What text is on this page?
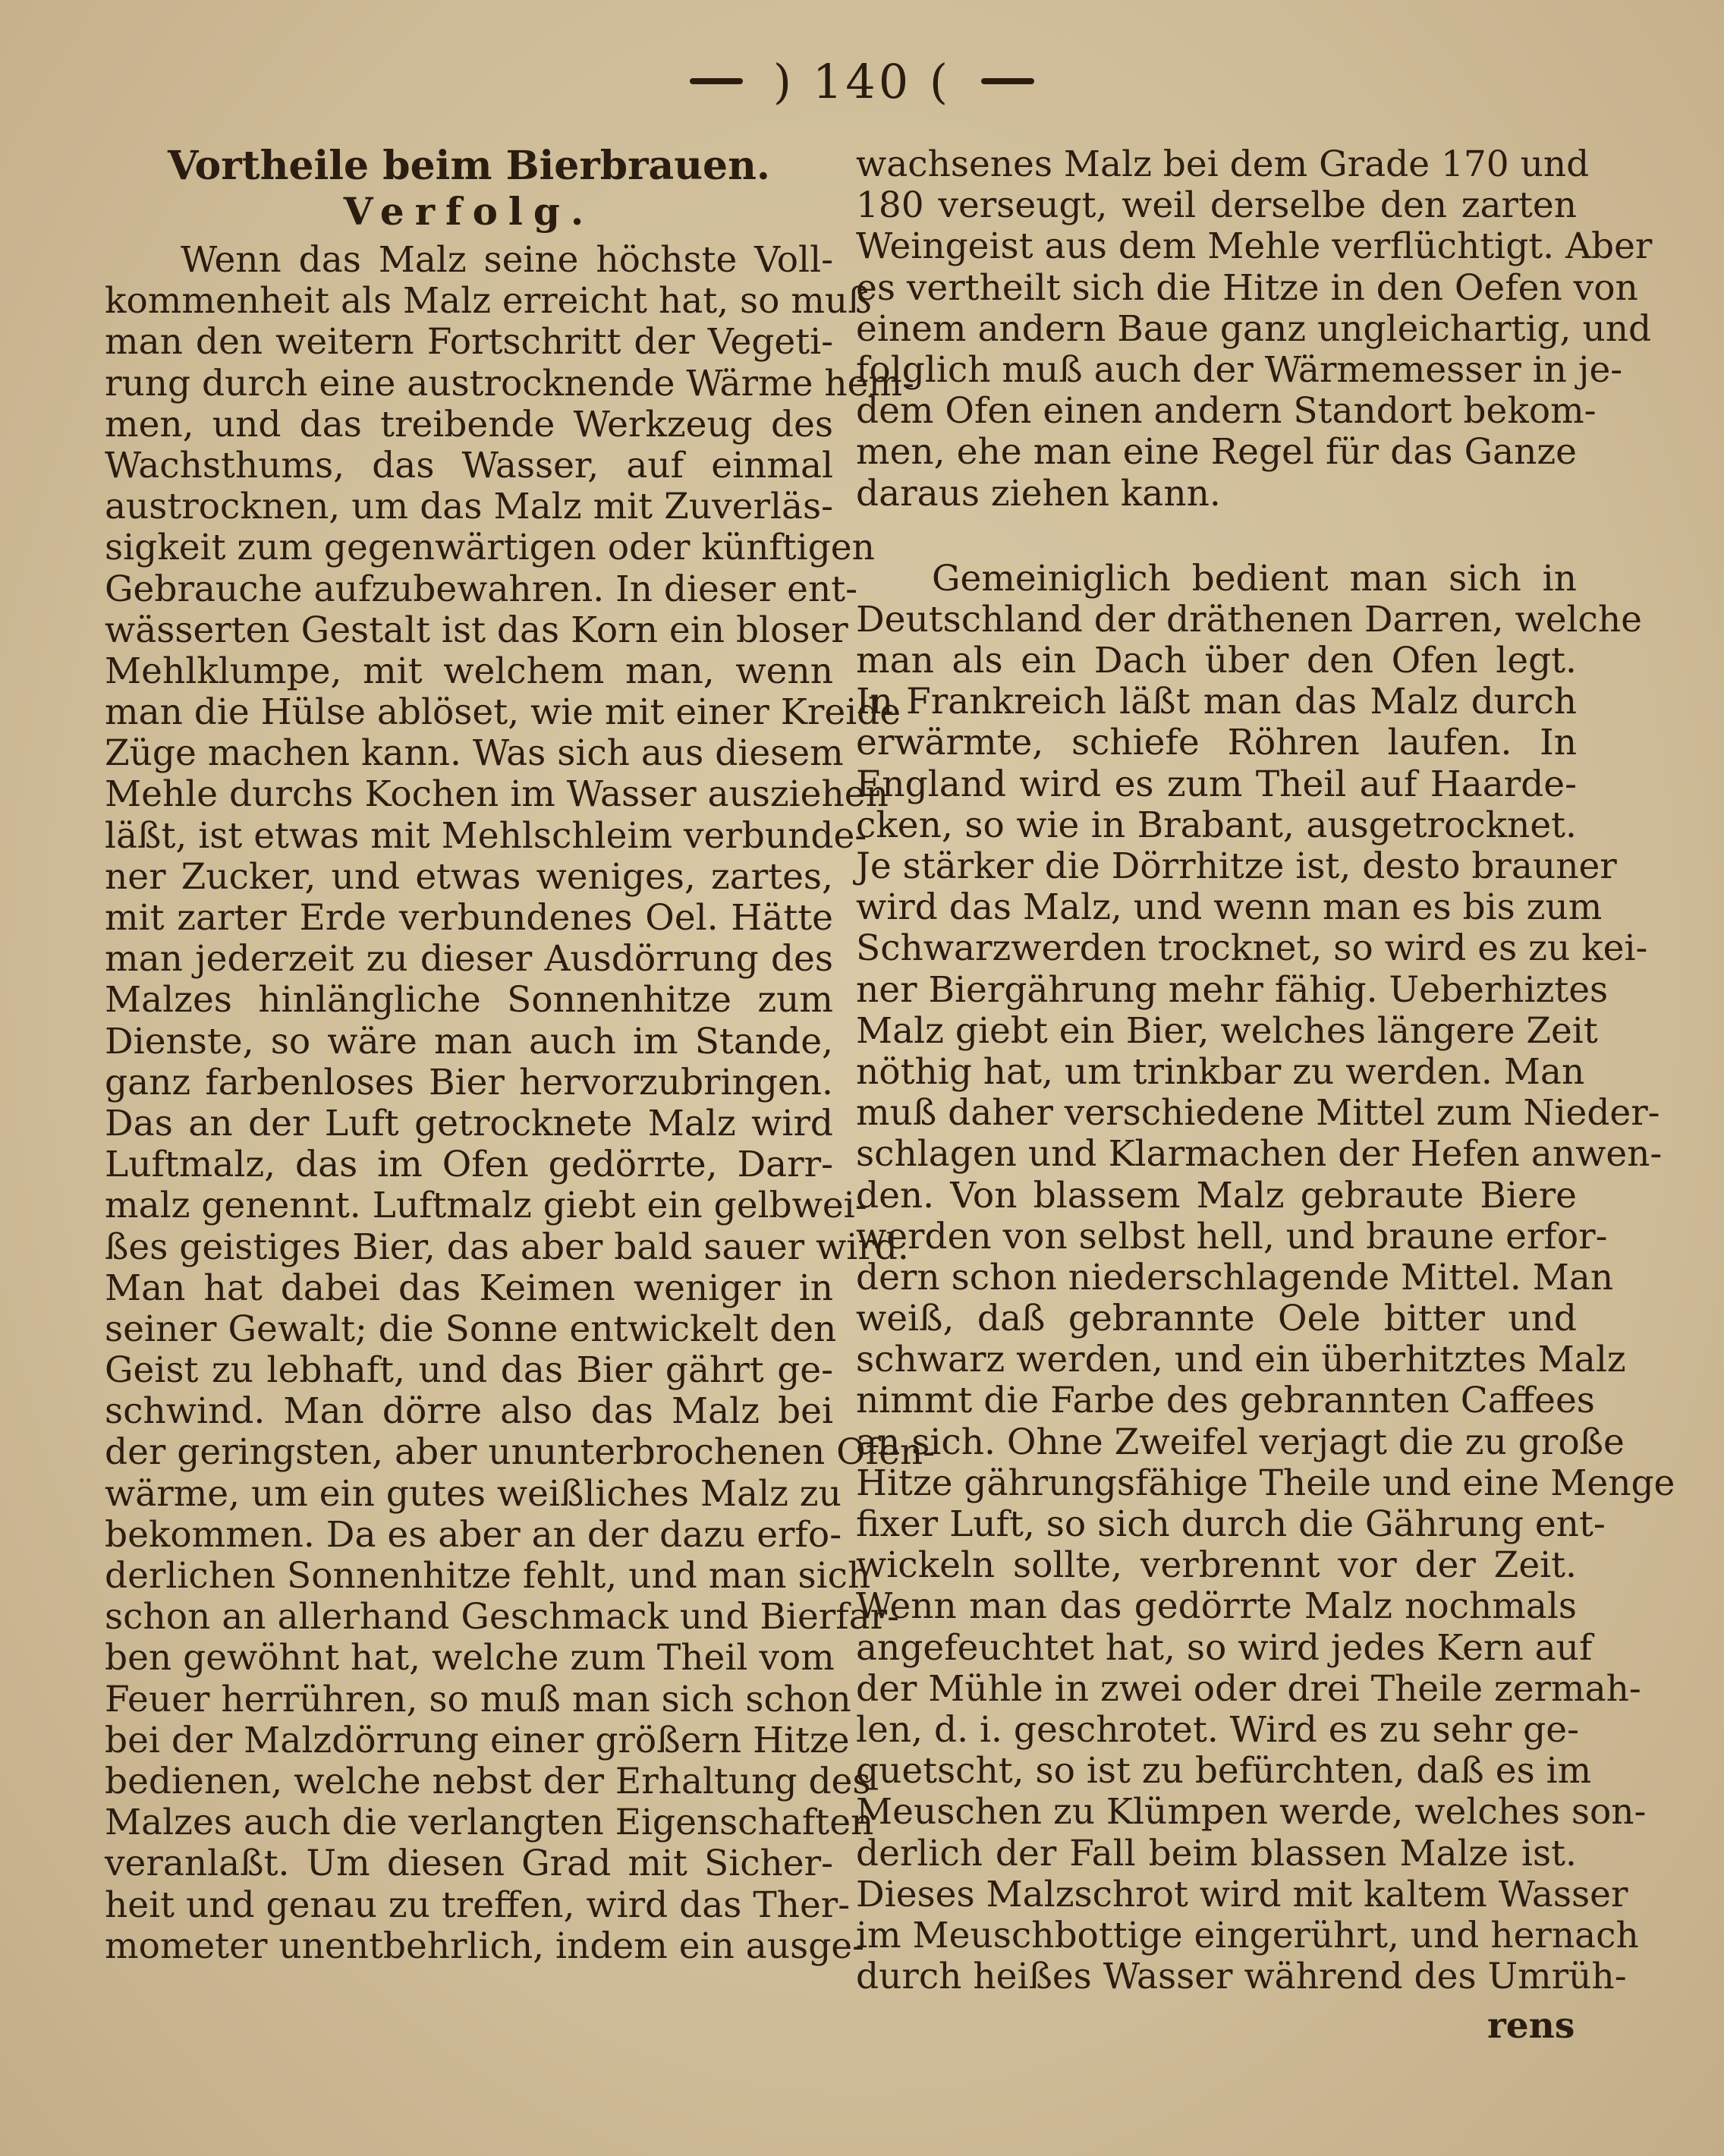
) 140 (
Vortheile beim Bierbrauen.
Verfolg.
Wenn das Malz seine höchste Voll-
kommenheit als Malz erreicht hat, so muß
man den weitern Fortschritt der Vegeti-
rung durch eine austrocknende Wärme hem-
men, und das treibende Werkzeug des
Wachsthums, das Wasser, auf einmal
austrocknen, um das Malz mit Zuverläs-
sigkeit zum gegenwärtigen oder künftigen
Gebrauche aufzubewahren. In dieser ent-
wässerten Gestalt ist das Korn ein bloser
Mehlklumpe, mit welchem man, wenn
man die Hülse ablöset, wie mit einer Kreide
Züge machen kann. Was sich aus diesem
Mehle durchs Kochen im Wasser ausziehen
läßt, ist etwas mit Mehlschleim verbunde-
ner Zucker, und etwas weniges, zartes,
mit zarter Erde verbundenes Oel. Hätte
man jederzeit zu dieser Ausdörrung des
Malzes hinlängliche Sonnenhitze zum
Dienste, so wäre man auch im Stande,
ganz farbenloses Bier hervorzubringen.
Das an der Luft getrocknete Malz wird
Luftmalz, das im Ofen gedörrte, Darr-
malz genennt. Luftmalz giebt ein gelbwei-
ßes geistiges Bier, das aber bald sauer wird.
Man hat dabei das Keimen weniger in
seiner Gewalt; die Sonne entwickelt den
Geist zu lebhaft, und das Bier gährt ge-
schwind. Man dörre also das Malz bei
der geringsten, aber ununterbrochenen Ofen-
wärme, um ein gutes weißliches Malz zu
bekommen. Da es aber an der dazu erfo-
derlichen Sonnenhitze fehlt, und man sich
schon an allerhand Geschmack und Bierfar-
ben gewöhnt hat, welche zum Theil vom
Feuer herrühren, so muß man sich schon
bei der Malzdörrung einer größern Hitze
bedienen, welche nebst der Erhaltung des
Malzes auch die verlangten Eigenschaften
veranlaßt. Um diesen Grad mit Sicher-
heit und genau zu treffen, wird das Ther-
mometer unentbehrlich, indem ein ausge-
wachsenes Malz bei dem Grade 170 und
180 verseugt, weil derselbe den zarten
Weingeist aus dem Mehle verflüchtigt. Aber
es vertheilt sich die Hitze in den Oefen von
einem andern Baue ganz ungleichartig, und
folglich muß auch der Wärmemesser in je-
dem Ofen einen andern Standort bekom-
men, ehe man eine Regel für das Ganze
daraus ziehen kann.
Gemeiniglich bedient man sich in
Deutschland der dräthenen Darren, welche
man als ein Dach über den Ofen legt.
In Frankreich läßt man das Malz durch
erwärmte, schiefe Röhren laufen. In
England wird es zum Theil auf Haarde-
cken, so wie in Brabant, ausgetrocknet.
Je stärker die Dörrhitze ist, desto brauner
wird das Malz, und wenn man es bis zum
Schwarzwerden trocknet, so wird es zu kei-
ner Biergährung mehr fähig. Ueberhiztes
Malz giebt ein Bier, welches längere Zeit
nöthig hat, um trinkbar zu werden. Man
muß daher verschiedene Mittel zum Nieder-
schlagen und Klarmachen der Hefen anwen-
den. Von blassem Malz gebraute Biere
werden von selbst hell, und braune erfor-
dern schon niederschlagende Mittel. Man
weiß, daß gebrannte Oele bitter und
schwarz werden, und ein überhitztes Malz
nimmt die Farbe des gebrannten Caffees
an sich. Ohne Zweifel verjagt die zu große
Hitze gährungsfähige Theile und eine Menge
fixer Luft, so sich durch die Gährung ent-
wickeln sollte, verbrennt vor der Zeit.
Wenn man das gedörrte Malz nochmals
angefeuchtet hat, so wird jedes Kern auf
der Mühle in zwei oder drei Theile zermah-
len, d. i. geschrotet. Wird es zu sehr ge-
quetscht, so ist zu befürchten, daß es im
Meuschen zu Klümpen werde, welches son-
derlich der Fall beim blassen Malze ist.
Dieses Malzschrot wird mit kaltem Wasser
im Meuschbottige eingerührt, und hernach
durch heißes Wasser während des Umrüh-
rens
